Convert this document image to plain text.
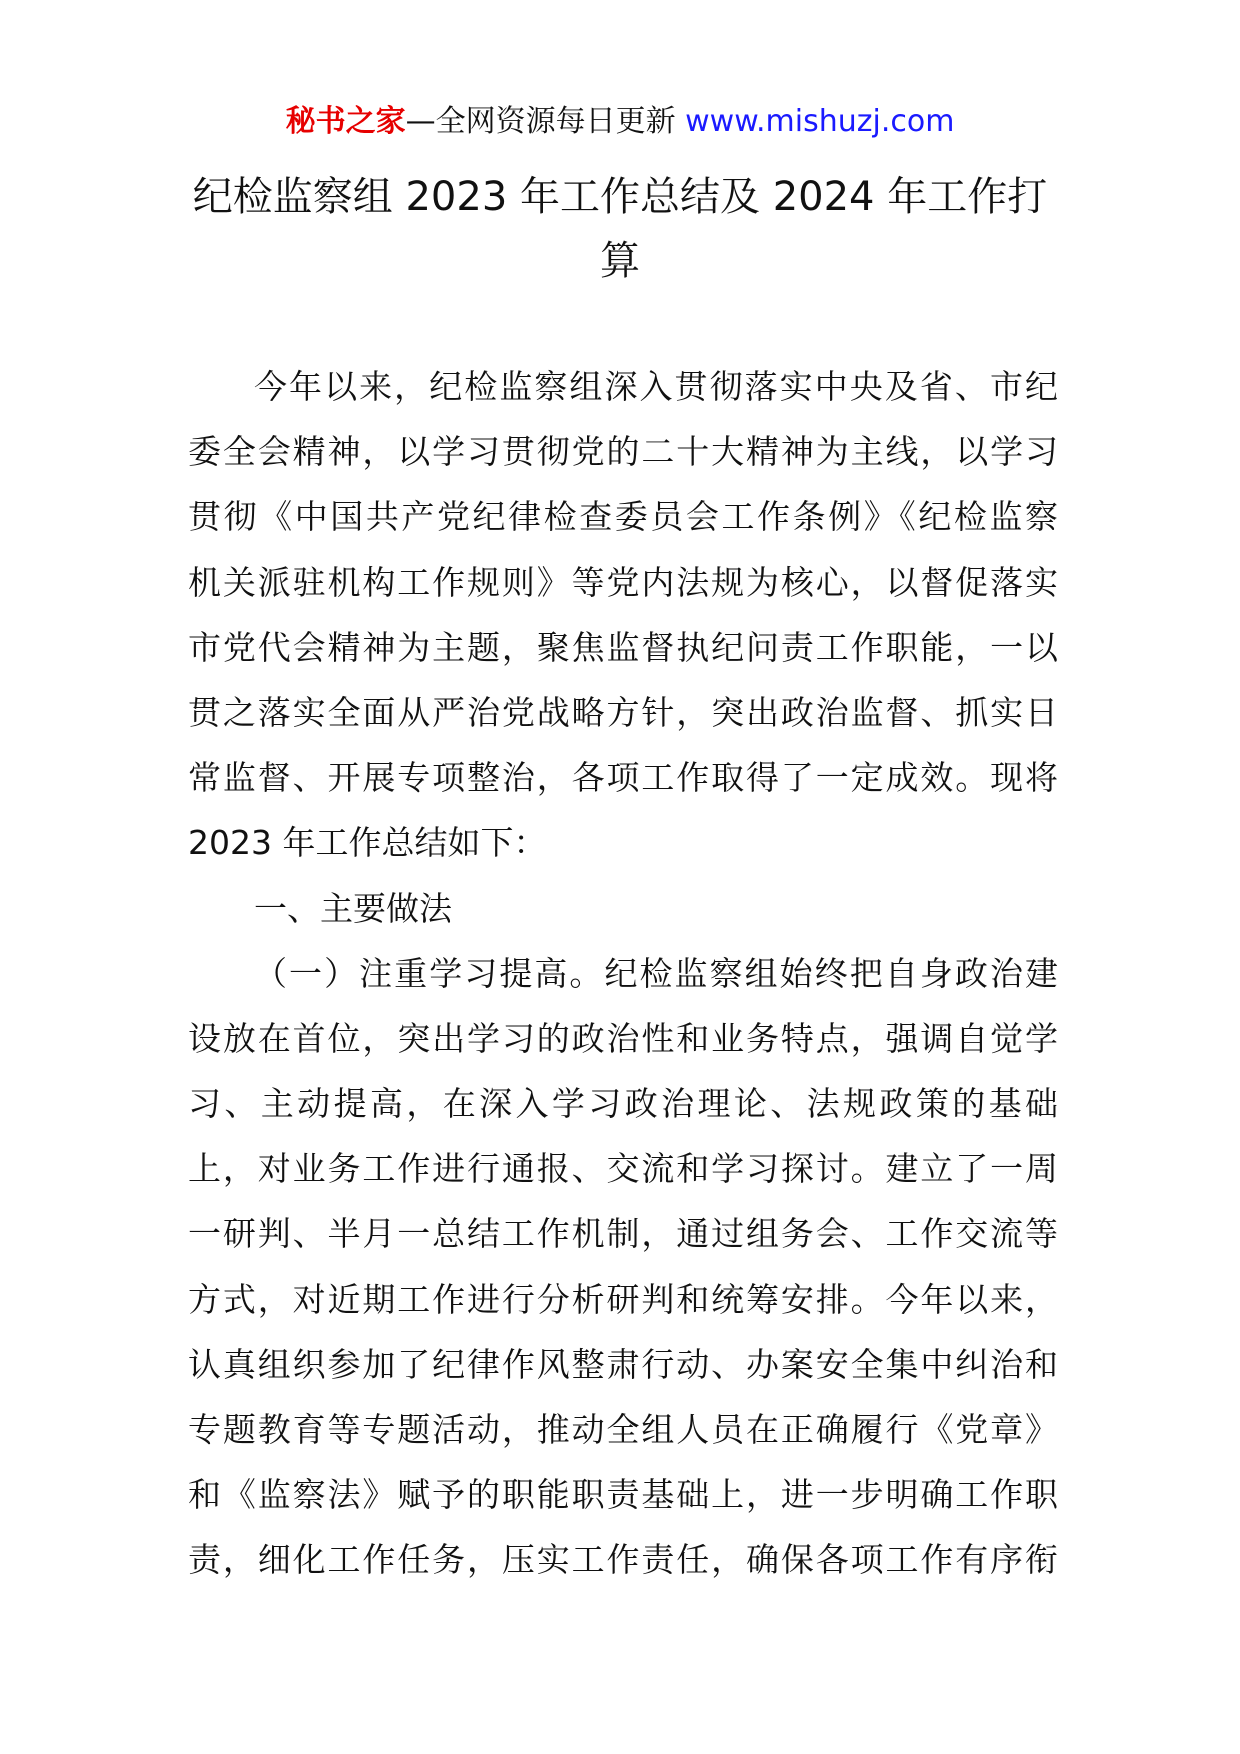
秘书之家—全网资源每日更新 www.mishuzj.com
纪检监察组 2023 年工作总结及 2024 年工作打
算
今年以来，纪检监察组深入贯彻落实中央及省、市纪
委全会精神，以学习贯彻党的二十大精神为主线，以学习
贯彻《中国共产党纪律检查委员会工作条例》《纪检监察
机关派驻机构工作规则》等党内法规为核心，以督促落实
市党代会精神为主题，聚焦监督执纪问责工作职能，一以
贯之落实全面从严治党战略方针，突出政治监督、抓实日
常监督、开展专项整治，各项工作取得了一定成效。现将
2023 年工作总结如下：
一、主要做法
（一）注重学习提高。纪检监察组始终把自身政治建
设放在首位，突出学习的政治性和业务特点，强调自觉学
习、主动提高，在深入学习政治理论、法规政策的基础
上，对业务工作进行通报、交流和学习探讨。建立了一周
一研判、半月一总结工作机制，通过组务会、工作交流等
方式，对近期工作进行分析研判和统筹安排。今年以来，
认真组织参加了纪律作风整肃行动、办案安全集中纠治和
专题教育等专题活动，推动全组人员在正确履行《党章》
和《监察法》赋予的职能职责基础上，进一步明确工作职
责，细化工作任务，压实工作责任，确保各项工作有序衔
